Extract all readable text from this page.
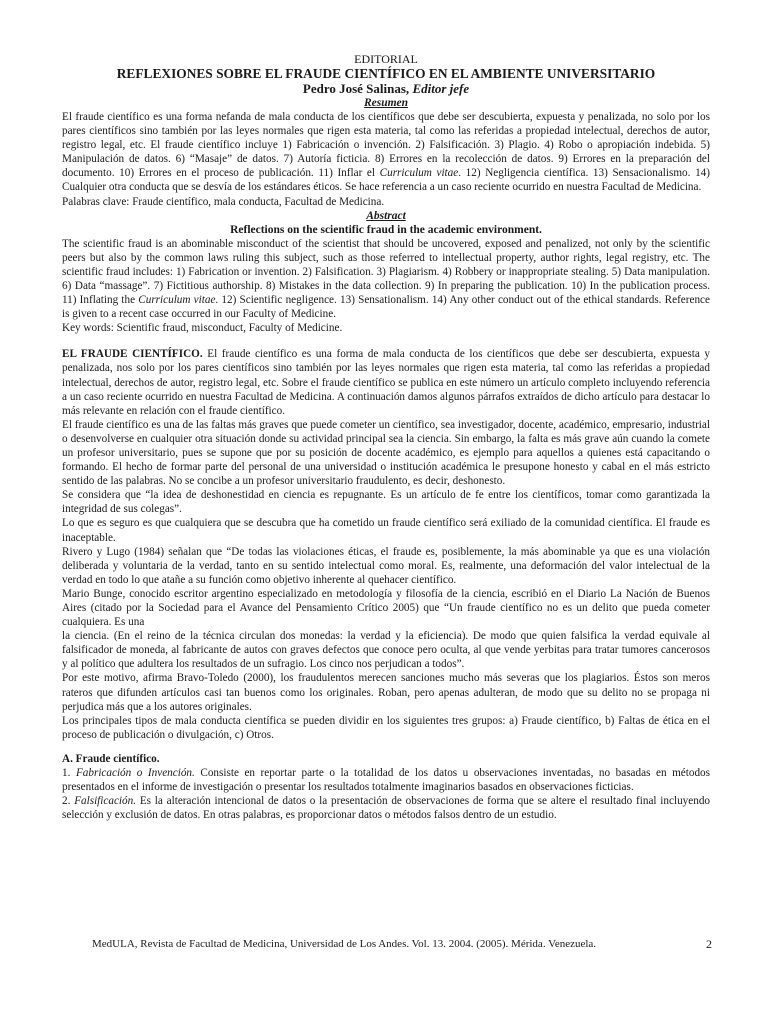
EDITORIAL

REFLEXIONES SOBRE EL FRAUDE CIENTÍFICO EN EL AMBIENTE UNIVERSITARIO

Pedro José Salinas, Editor jefe

Resumen

El fraude científico es una forma nefanda de mala conducta de los científicos que debe ser descubierta, expuesta y penalizada, no solo por los pares científicos sino también por las leyes normales que rigen esta materia, tal como las referidas a propiedad intelectual, derechos de autor, registro legal, etc. El fraude científico incluye 1) Fabricación o invención. 2) Falsificación. 3) Plagio. 4) Robo o apropiación indebida. 5) Manipulación de datos. 6) “Masaje” de datos. 7) Autoría ficticia. 8) Errores en la recolección de datos. 9) Errores en la preparación del documento. 10) Errores en el proceso de publicación. 11) Inflar el Curriculum vitae. 12) Negligencia científica. 13) Sensacionalismo. 14) Cualquier otra conducta que se desvía de los estándares éticos. Se hace referencia a un caso reciente ocurrido en nuestra Facultad de Medicina.

Palabras clave: Fraude científico, mala conducta, Facultad de Medicina.

Abstract

Reflections on the scientific fraud in the academic environment.

The scientific fraud is an abominable misconduct of the scientist that should be uncovered, exposed and penalized, not only by the scientific peers but also by the common laws ruling this subject, such as those referred to intellectual property, author rights, legal registry, etc. The scientific fraud includes: 1) Fabrication or invention. 2) Falsification. 3) Plagiarism. 4) Robbery or inappropriate stealing. 5) Data manipulation. 6) Data “massage”. 7) Fictitious authorship. 8) Mistakes in the data collection. 9) In preparing the publication. 10) In the publication process. 11) Inflating the Curriculum vitae. 12) Scientific negligence. 13) Sensationalism. 14) Any other conduct out of the ethical standards. Reference is given to a recent case occurred in our Faculty of Medicine.

Key words: Scientific fraud, misconduct, Faculty of Medicine.

EL FRAUDE CIENTÍFICO. El fraude científico es una forma de mala conducta de los científicos que debe ser descubierta, expuesta y penalizada, nos solo por los pares científicos sino también por las leyes normales que rigen esta materia, tal como las referidas a propiedad intelectual, derechos de autor, registro legal, etc. Sobre el fraude científico se publica en este número un artículo completo incluyendo referencia a un caso reciente ocurrido en nuestra Facultad de Medicina. A continuación damos algunos párrafos extraídos de dicho artículo para destacar lo más relevante en relación con el fraude científico.

El fraude científico es una de las faltas más graves que puede cometer un científico, sea investigador, docente, académico, empresario, industrial o desenvolverse en cualquier otra situación donde su actividad principal sea la ciencia. Sin embargo, la falta es más grave aún cuando la comete un profesor universitario, pues se supone que por su posición de docente académico, es ejemplo para aquellos a quienes está capacitando o formando. El hecho de formar parte del personal de una universidad o institución académica le presupone honesto y cabal en el más estricto sentido de las palabras. No se concibe a un profesor universitario fraudulento, es decir, deshonesto.

Se considera que “la idea de deshonestidad en ciencia es repugnante. Es un artículo de fe entre los científicos, tomar como garantizada la integridad de sus colegas”.

Lo que es seguro es que cualquiera que se descubra que ha cometido un fraude científico será exiliado de la comunidad científica. El fraude es inaceptable.

Rivero y Lugo (1984) señalan que “De todas las violaciones éticas, el fraude es, posiblemente, la más abominable ya que es una violación deliberada y voluntaria de la verdad, tanto en su sentido intelectual como moral. Es, realmente, una deformación del valor intelectual de la verdad en todo lo que atañe a su función como objetivo inherente al quehacer científico.

Mario Bunge, conocido escritor argentino especializado en metodología y filosofía de la ciencia, escribió en el Diario La Nación de Buenos Aires (citado por la Sociedad para el Avance del Pensamiento Crítico 2005) que “Un fraude científico no es un delito que pueda cometer cualquiera. Es una

la ciencia. (En el reino de la técnica circulan dos monedas: la verdad y la eficiencia). De modo que quien falsifica la verdad equivale al falsificador de moneda, al fabricante de autos con graves defectos que conoce pero oculta, al que vende yerbitas para tratar tumores cancerosos y al político que adultera los resultados de un sufragio. Los cinco nos perjudican a todos”.

Por este motivo, afirma Bravo-Toledo (2000), los fraudulentos merecen sanciones mucho más severas que los plagiarios. Éstos son meros rateros que difunden artículos casi tan buenos como los originales. Roban, pero apenas adulteran, de modo que su delito no se propaga ni perjudica más que a los autores originales.

Los principales tipos de mala conducta científica se pueden dividir en los siguientes tres grupos: a) Fraude científico, b) Faltas de ética en el proceso de publicación o divulgación, c) Otros.

A. Fraude científico.

1. Fabricación o Invención. Consiste en reportar parte o la totalidad de los datos u observaciones inventadas, no basadas en métodos presentados en el informe de investigación o presentar los resultados totalmente imaginarios basados en observaciones ficticias.

2. Falsificación. Es la alteración intencional de datos o la presentación de observaciones de forma que se altere el resultado final incluyendo selección y exclusión de datos. En otras palabras, es proporcionar datos o métodos falsos dentro de un estudio.

MedULA, Revista de Facultad de Medicina, Universidad de Los Andes. Vol. 13. 2004. (2005). Mérida. Venezuela.	2
